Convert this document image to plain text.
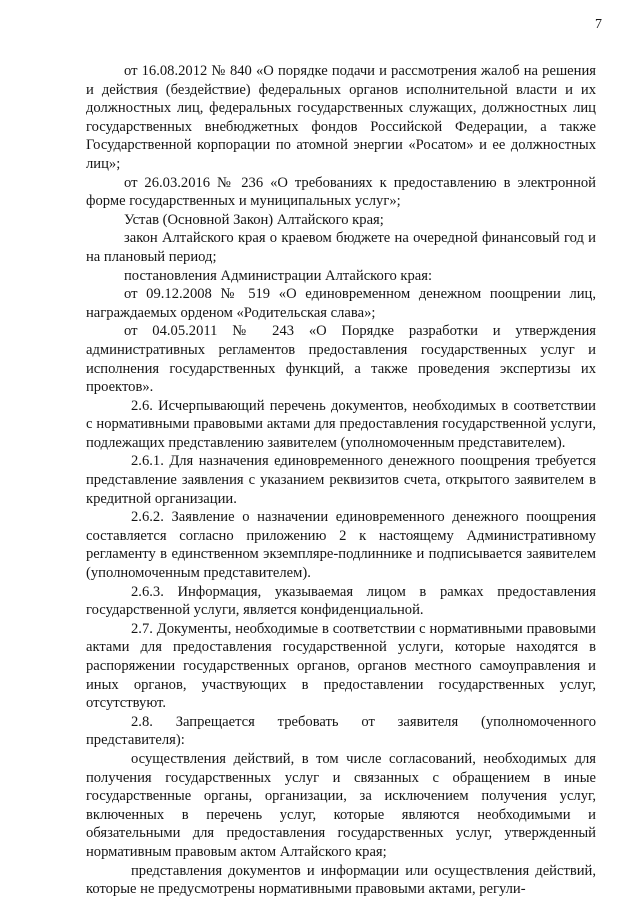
7

от 16.08.2012 № 840 «О порядке подачи и рассмотрения жалоб на решения и действия (бездействие) федеральных органов исполнительной власти и их должностных лиц, федеральных государственных служащих, должностных лиц государственных внебюджетных фондов Российской Федерации, а также Государственной корпорации по атомной энергии «Росатом» и ее должностных лиц»;

от 26.03.2016 № 236 «О требованиях к предоставлению в электронной форме государственных и муниципальных услуг»;

Устав (Основной Закон) Алтайского края;

закон Алтайского края о краевом бюджете на очередной финансовый год и на плановый период;

постановления Администрации Алтайского края:

от 09.12.2008 № 519 «О единовременном денежном поощрении лиц, награждаемых орденом «Родительская слава»;

от 04.05.2011 № 243 «О Порядке разработки и утверждения административных регламентов предоставления государственных услуг и исполнения государственных функций, а также проведения экспертизы их проектов».

2.6. Исчерпывающий перечень документов, необходимых в соответствии с нормативными правовыми актами для предоставления государственной услуги, подлежащих представлению заявителем (уполномоченным представителем).

2.6.1. Для назначения единовременного денежного поощрения требуется представление заявления с указанием реквизитов счета, открытого заявителем в кредитной организации.

2.6.2. Заявление о назначении единовременного денежного поощрения составляется согласно приложению 2 к настоящему Административному регламенту в единственном экземпляре-подлиннике и подписывается заявителем (уполномоченным представителем).

2.6.3. Информация, указываемая лицом в рамках предоставления государственной услуги, является конфиденциальной.

2.7. Документы, необходимые в соответствии с нормативными правовыми актами для предоставления государственной услуги, которые находятся в распоряжении государственных органов, органов местного самоуправления и иных органов, участвующих в предоставлении государственных услуг, отсутствуют.

2.8. Запрещается требовать от заявителя (уполномоченного представителя):

осуществления действий, в том числе согласований, необходимых для получения государственных услуг и связанных с обращением в иные государственные органы, организации, за исключением получения услуг, включенных в перечень услуг, которые являются необходимыми и обязательными для предоставления государственных услуг, утвержденный нормативным правовым актом Алтайского края;

представления документов и информации или осуществления действий, которые не предусмотрены нормативными правовыми актами, регули-
